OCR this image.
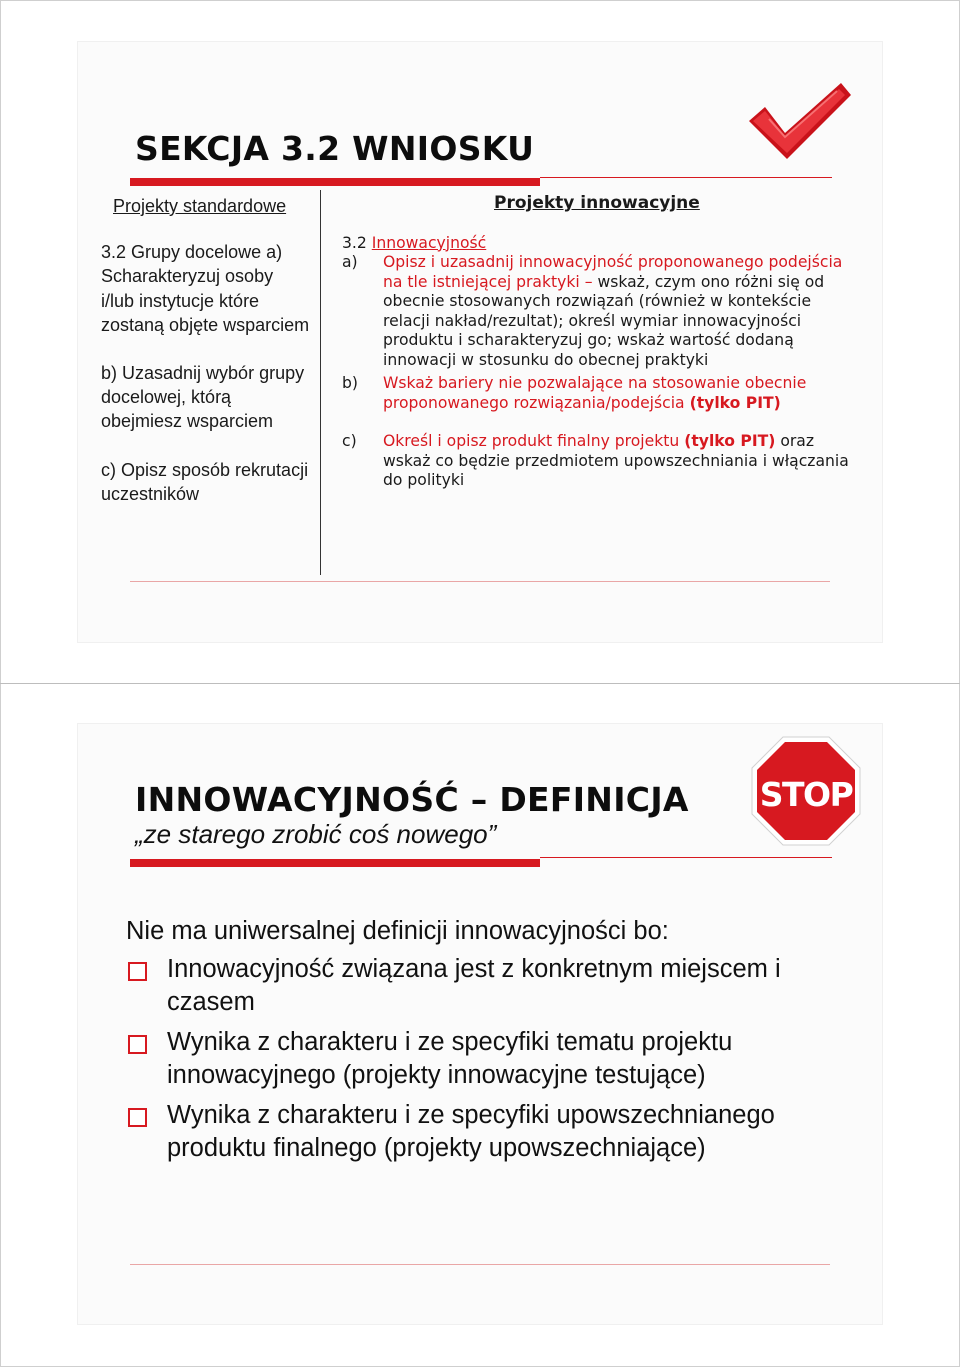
SEKCJA 3.2 WNIOSKU
Projekty standardowe
3.2 Grupy docelowe a) Scharakteryzuj osoby i/lub instytucje które zostaną objęte wsparciem
b) Uzasadnij wybór grupy docelowej, którą obejmiesz wsparciem
c) Opisz sposób rekrutacji uczestników
Projekty innowacyjne
3.2 Innowacyjność
a) Opisz i uzasadnij innowacyjność proponowanego podejścia na tle istniejącej praktyki – wskaż, czym ono różni się od obecnie stosowanych rozwiązań (również w kontekście relacji nakład/rezultat); określ wymiar innowacyjności produktu i scharakteryzuj go; wskaż wartość dodaną innowacji w stosunku do obecnej praktyki
b) Wskaż bariery nie pozwalające na stosowanie obecnie proponowanego rozwiązania/podejścia (tylko PIT)
c) Określ i opisz produkt finalny projektu (tylko PIT) oraz wskaż co będzie przedmiotem upowszechniania i włączania do polityki
STOP
INNOWACYJNOŚĆ – DEFINICJA

„ze starego zrobić coś nowego”

Nie ma uniwersalnej definicji innowacyjności bo:

Innowacyjność związana jest z konkretnym miejscem i czasem
Wynika z charakteru i ze specyfiki tematu projektu innowacyjnego (projekty innowacyjne testujące)
Wynika z charakteru i ze specyfiki upowszechnianego produktu finalnego (projekty upowszechniające)
